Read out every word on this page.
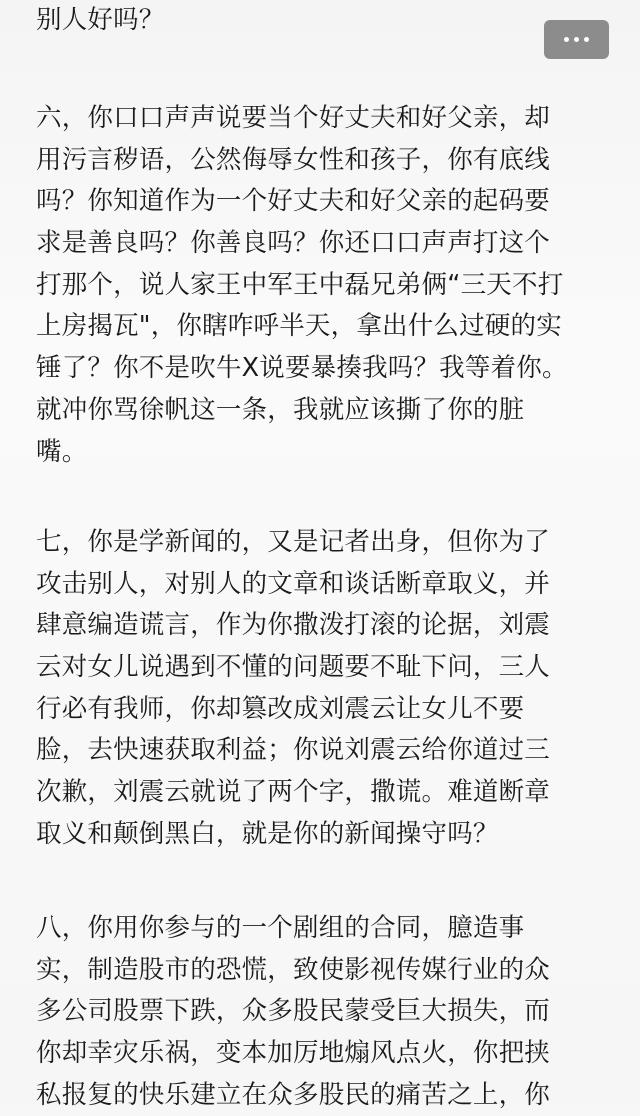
别人好吗？
六，你口口声声说要当个好丈夫和好父亲，却
用污言秽语，公然侮辱女性和孩子，你有底线
吗？你知道作为一个好丈夫和好父亲的起码要
求是善良吗？你善良吗？你还口口声声打这个
打那个，说人家王中军王中磊兄弟俩“三天不打
上房揭瓦"，你瞎咋呼半天，拿出什么过硬的实
锤了？你不是吹牛X说要暴揍我吗？我等着你。
就冲你骂徐帆这一条，我就应该撕了你的脏
嘴。
七，你是学新闻的，又是记者出身，但你为了
攻击别人，对别人的文章和谈话断章取义，并
肆意编造谎言，作为你撒泼打滚的论据，刘震
云对女儿说遇到不懂的问题要不耻下问，三人
行必有我师，你却篡改成刘震云让女儿不要
脸，去快速获取利益；你说刘震云给你道过三
次歉，刘震云就说了两个字，撒谎。难道断章
取义和颠倒黑白，就是你的新闻操守吗？
八，你用你参与的一个剧组的合同，臆造事
实，制造股市的恐慌，致使影视传媒行业的众
多公司股票下跌，众多股民蒙受巨大损失，而
你却幸灾乐祸，变本加厉地煽风点火，你把挟
私报复的快乐建立在众多股民的痛苦之上，你
